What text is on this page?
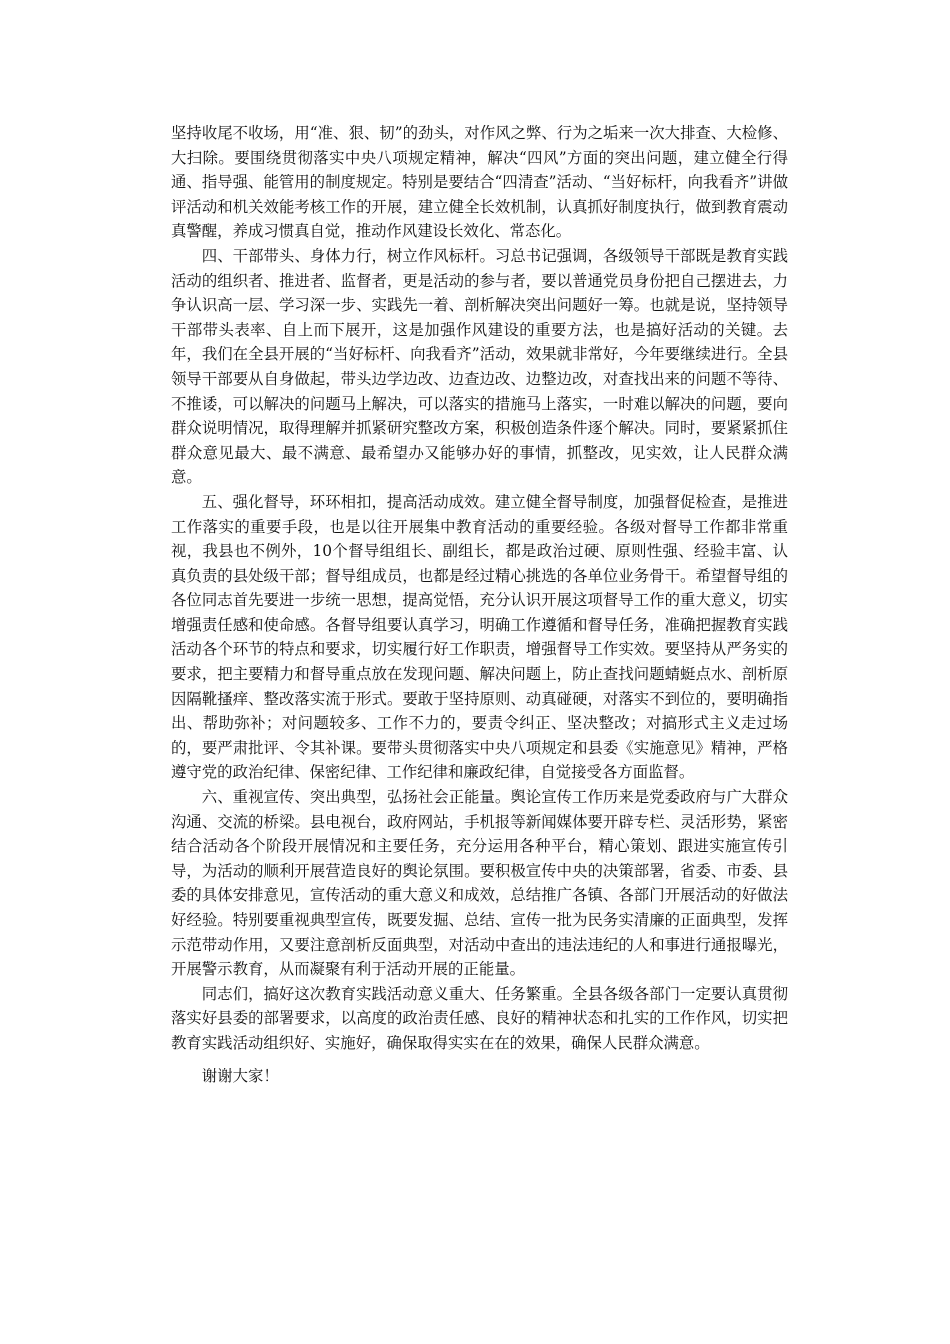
坚持收尾不收场，用“准、狠、韧”的劲头，对作风之弊、行为之垢来一次大排查、大检修、大扫除。要围绕贯彻落实中央八项规定精神，解决“四风”方面的突出问题，建立健全行得通、指导强、能管用的制度规定。特别是要结合“四清查”活动、“当好标杆，向我看齐”讲做评活动和机关效能考核工作的开展，建立健全长效机制，认真抓好制度执行，做到教育震动真警醒，养成习惯真自觉，推动作风建设长效化、常态化。

四、干部带头、身体力行，树立作风标杆。习总书记强调，各级领导干部既是教育实践活动的组织者、推进者、监督者，更是活动的参与者，要以普通党员身份把自己摆进去，力争认识高一层、学习深一步、实践先一着、剖析解决突出问题好一筹。也就是说，坚持领导干部带头表率、自上而下展开，这是加强作风建设的重要方法，也是搞好活动的关键。去年，我们在全县开展的“当好标杆、向我看齐”活动，效果就非常好，今年要继续进行。全县领导干部要从自身做起，带头边学边改、边查边改、边整边改，对查找出来的问题不等待、不推诿，可以解决的问题马上解决，可以落实的措施马上落实，一时难以解决的问题，要向群众说明情况，取得理解并抓紧研究整改方案，积极创造条件逐个解决。同时，要紧紧抓住群众意见最大、最不满意、最希望办又能够办好的事情，抓整改，见实效，让人民群众满意。

五、强化督导，环环相扣，提高活动成效。建立健全督导制度，加强督促检查，是推进工作落实的重要手段，也是以往开展集中教育活动的重要经验。各级对督导工作都非常重视，我县也不例外，10个督导组组长、副组长，都是政治过硬、原则性强、经验丰富、认真负责的县处级干部；督导组成员，也都是经过精心挑选的各单位业务骨干。希望督导组的各位同志首先要进一步统一思想，提高觉悟，充分认识开展这项督导工作的重大意义，切实增强责任感和使命感。各督导组要认真学习，明确工作遵循和督导任务，准确把握教育实践活动各个环节的特点和要求，切实履行好工作职责，增强督导工作实效。要坚持从严务实的要求，把主要精力和督导重点放在发现问题、解决问题上，防止查找问题蜻蜓点水、剖析原因隔靴搔痒、整改落实流于形式。要敢于坚持原则、动真碰硬，对落实不到位的，要明确指出、帮助弥补；对问题较多、工作不力的，要责令纠正、坚决整改；对搞形式主义走过场的，要严肃批评、令其补课。要带头贯彻落实中央八项规定和县委《实施意见》精神，严格遵守党的政治纪律、保密纪律、工作纪律和廉政纪律，自觉接受各方面监督。

六、重视宣传、突出典型，弘扬社会正能量。舆论宣传工作历来是党委政府与广大群众沟通、交流的桥梁。县电视台，政府网站，手机报等新闻媒体要开辟专栏、灵活形势，紧密结合活动各个阶段开展情况和主要任务，充分运用各种平台，精心策划、跟进实施宣传引导，为活动的顺利开展营造良好的舆论氛围。要积极宣传中央的决策部署，省委、市委、县委的具体安排意见，宣传活动的重大意义和成效，总结推广各镇、各部门开展活动的好做法好经验。特别要重视典型宣传，既要发掘、总结、宣传一批为民务实清廉的正面典型，发挥示范带动作用，又要注意剖析反面典型，对活动中查出的违法违纪的人和事进行通报曝光，开展警示教育，从而凝聚有利于活动开展的正能量。

同志们，搞好这次教育实践活动意义重大、任务繁重。全县各级各部门一定要认真贯彻落实好县委的部署要求，以高度的政治责任感、良好的精神状态和扎实的工作作风，切实把教育实践活动组织好、实施好，确保取得实实在在的效果，确保人民群众满意。

谢谢大家！
